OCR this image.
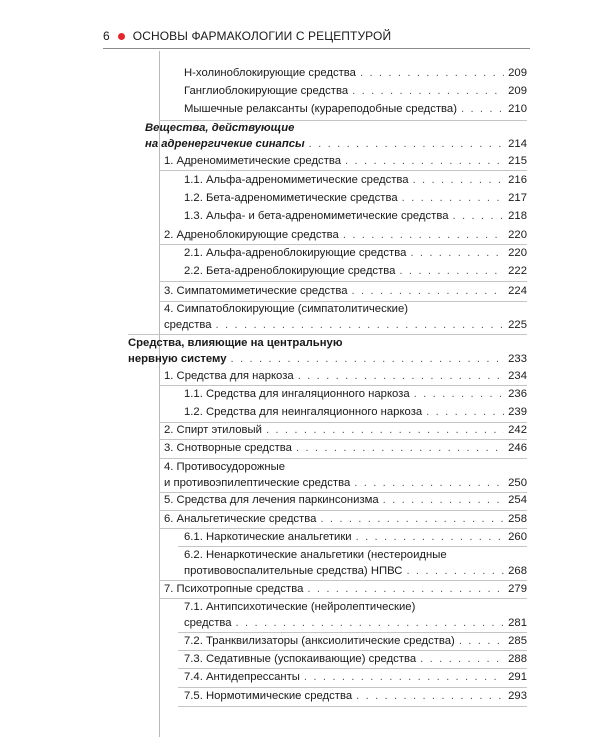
6 ОСНОВЫ ФАРМАКОЛОГИИ С РЕЦЕПТУРОЙ
Н-холиноблокирующие средства . . .	209
Ганглиоблокирующие средства . . .	209
Мышечные релаксанты (курареподобные средства) . . .	210
Вещества, действующие
на адренергичекие синапсы . . .	214
1. Адреномиметические средства . . .	215
1.1. Альфа-адреномиметические средства . . .	216
1.2. Бета-адреномиметические средства . . .	217
1.3. Альфа- и бета-адреномиметические средства . . .	218
2. Адреноблокирующие средства . . .	220
2.1. Альфа-адреноблокирующие средства . . .	220
2.2. Бета-адреноблокирующие средства . . .	222
3. Симпатомиметические средства . . .	224
4. Симпатоблокирующие (симпатолитические)
средства . . .	225
Средства, влияющие на центральную
нервную систему . . .	233
1. Средства для наркоза . . .	234
1.1. Средства для ингаляционного наркоза . . .	236
1.2. Средства для неингаляционного наркоза . . .	239
2. Спирт этиловый . . .	242
3. Снотворные средства . . .	246
4. Противосудорожные
и противоэпилептические средства . . .	250
5. Средства для лечения паркинсонизма . . .	254
6. Анальгетические средства . . .	258
6.1. Наркотические анальгетики . . .	260
6.2. Ненаркотические анальгетики (нестероидные
противовоспалительные средства) НПВС . . .	268
7. Психотропные средства . . .	279
7.1. Антипсихотические (нейролептические)
средства . . .	281
7.2. Транквилизаторы (анксиолитические средства) . . .	285
7.3. Седативные (успокаивающие) средства . . .	288
7.4. Антидепрессанты . . .	291
7.5. Нормотимические средства . . .	293
